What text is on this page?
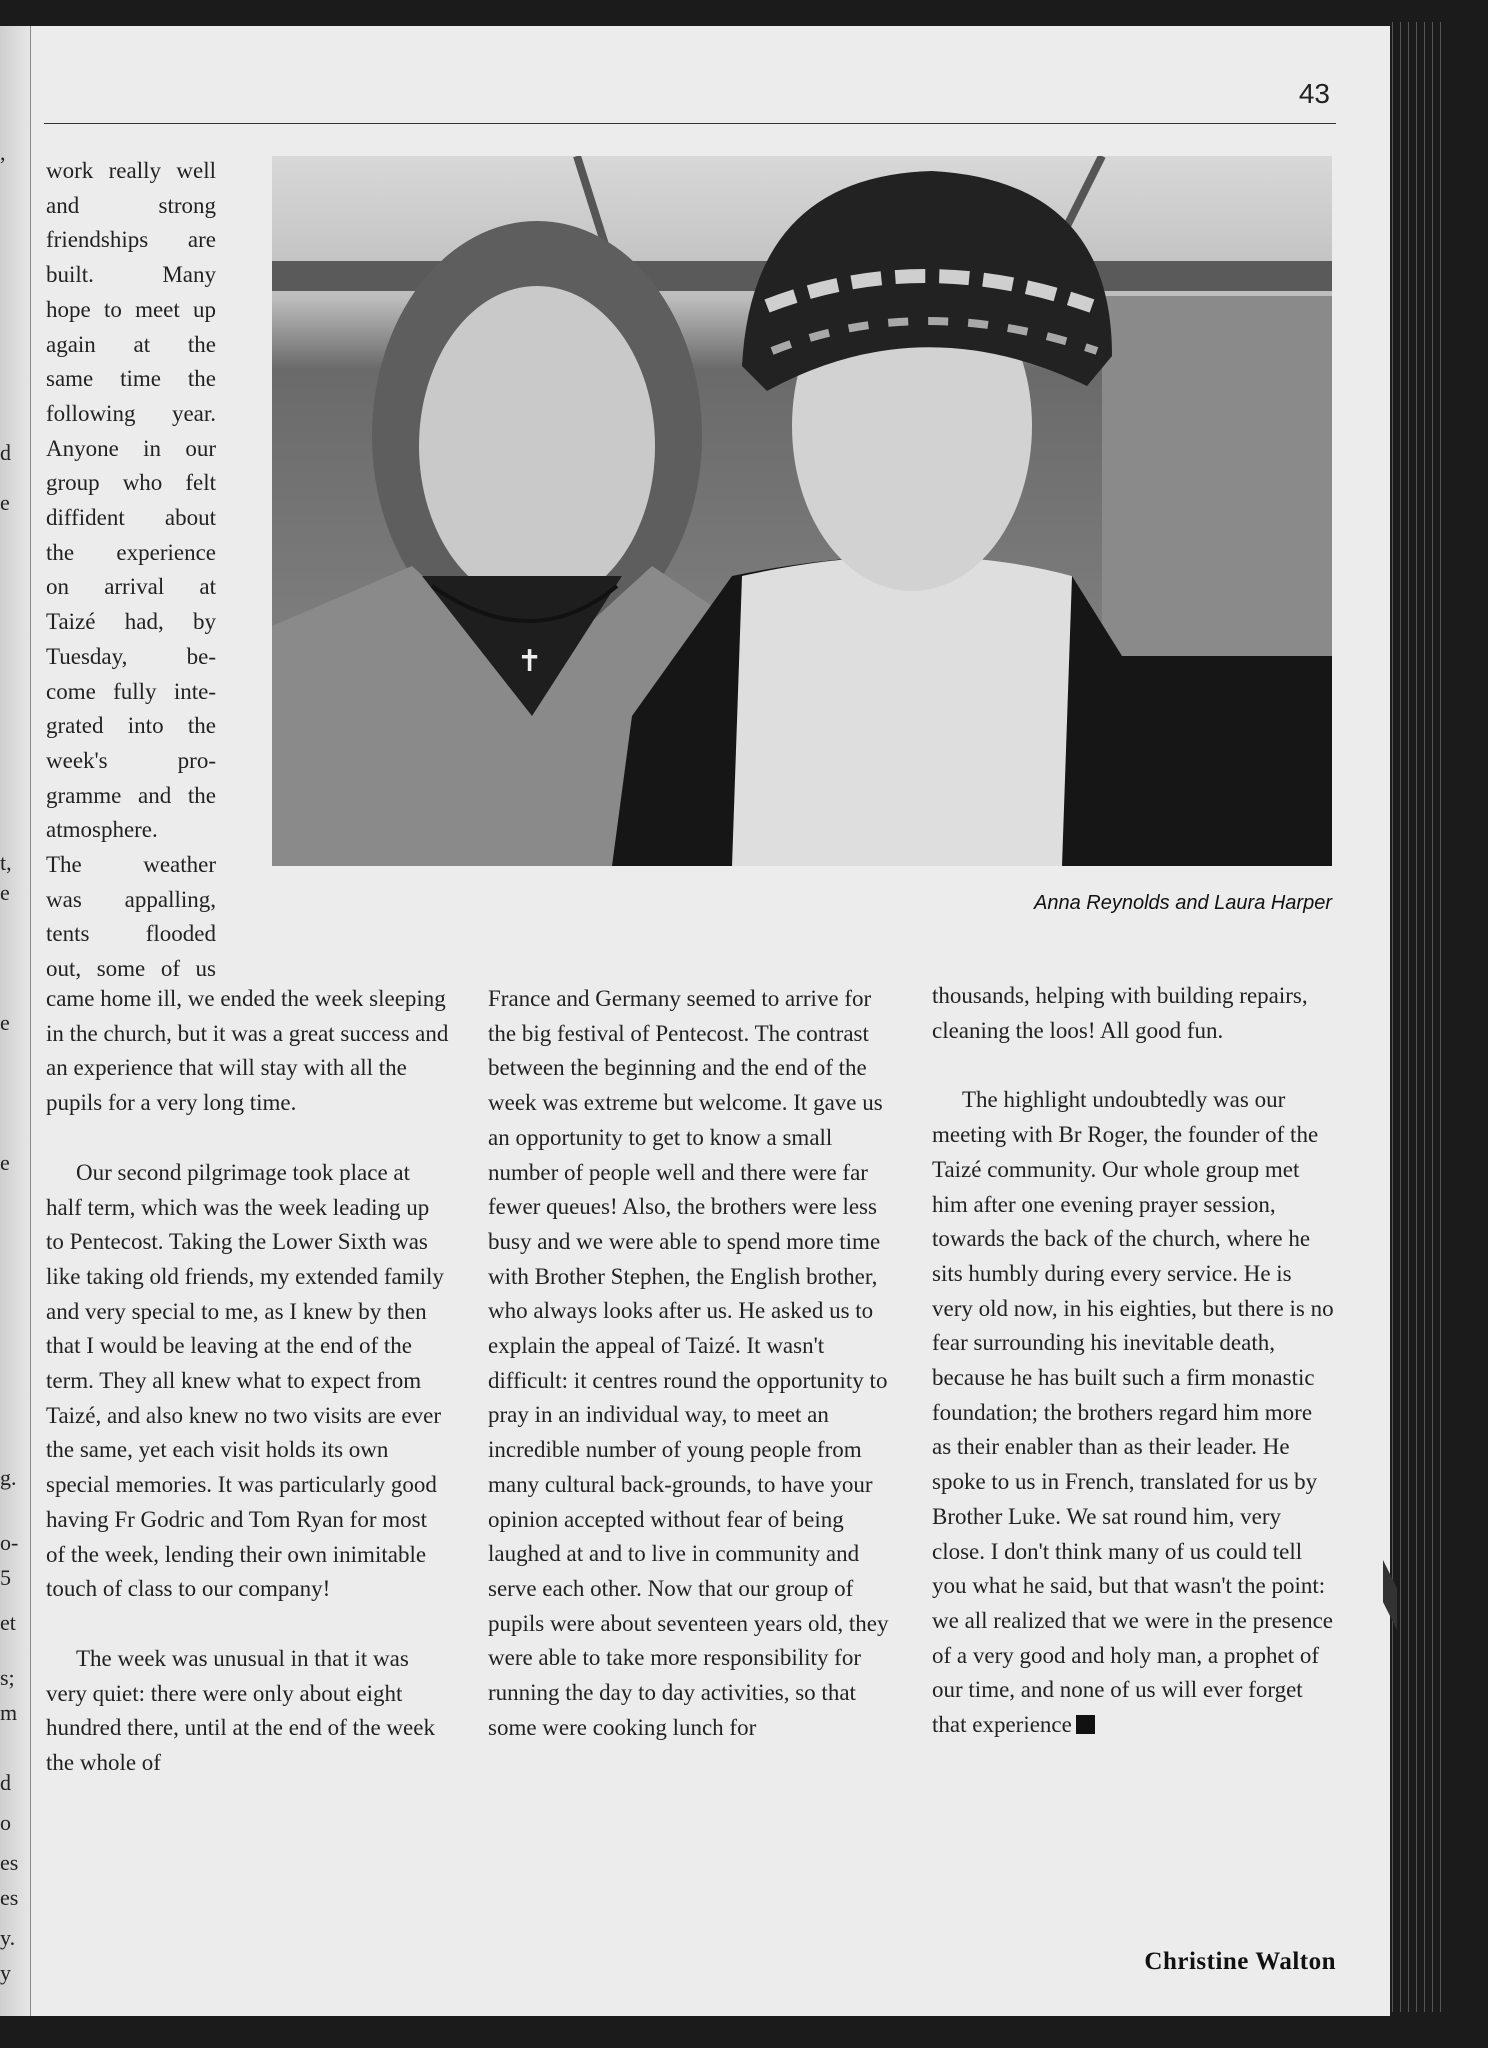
,
d
e
t,
e
e
e
g.
o-
5
et
s;
m
d
o
es
es
y.
y
43
✝
Anna Reynolds and Laura Harper
work really well
and strong
friendships are
built. Many
hope to meet up
again at the
same time the
following year.
Anyone in our
group who felt
diffident about
the experience
on arrival at
Taizé had, by
Tuesday, be-
come fully inte-
grated into the
week's pro-
gramme and the
atmosphere.
The weather
was appalling,
tents flooded
out, some of us

came home ill, we ended the week sleeping in the church, but it was a great success and an experience that will stay with all the pupils for a very long time.

Our second pilgrimage took place at half term, which was the week leading up to Pentecost. Taking the Lower Sixth was like taking old friends, my extended family and very special to me, as I knew by then that I would be leaving at the end of the term. They all knew what to expect from Taizé, and also knew no two visits are ever the same, yet each visit holds its own special memories. It was particularly good having Fr Godric and Tom Ryan for most of the week, lending their own inimitable touch of class to our company!

The week was unusual in that it was very quiet: there were only about eight hundred there, until at the end of the week the whole of

France and Germany seemed to arrive for the big festival of Pentecost. The contrast between the beginning and the end of the week was extreme but welcome. It gave us an opportunity to get to know a small number of people well and there were far fewer queues! Also, the brothers were less busy and we were able to spend more time with Brother Stephen, the English brother, who always looks after us. He asked us to explain the appeal of Taizé. It wasn't difficult: it centres round the opportunity to pray in an individual way, to meet an incredible number of young people from many cultural back-grounds, to have your opinion accepted without fear of being laughed at and to live in community and serve each other. Now that our group of pupils were about seventeen years old, they were able to take more responsibility for running the day to day activities, so that some were cooking lunch for

thousands, helping with building repairs, cleaning the loos! All good fun.

The highlight undoubtedly was our meeting with Br Roger, the founder of the Taizé community. Our whole group met him after one evening prayer session, towards the back of the church, where he sits humbly during every service. He is very old now, in his eighties, but there is no fear surrounding his inevitable death, because he has built such a firm monastic foundation; the brothers regard him more as their enabler than as their leader. He spoke to us in French, translated for us by Brother Luke. We sat round him, very close. I don't think many of us could tell you what he said, but that wasn't the point: we all realized that we were in the presence of a very good and holy man, a prophet of our time, and none of us will ever forget that experience

Christine Walton
